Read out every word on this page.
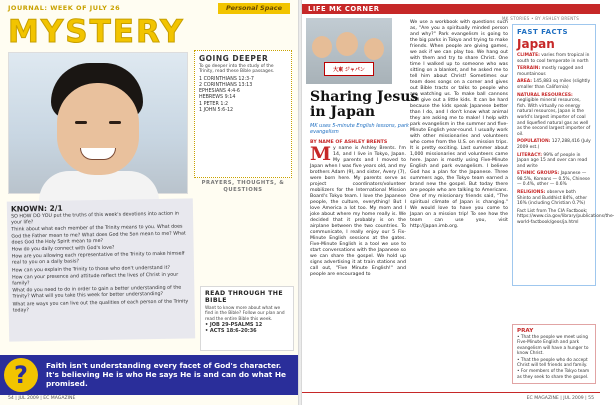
JOURNAL: WEEK OF JULY 26	Personal Space
MYSTERY
GOING DEEPER
To go deeper into the study of the Trinity, read these Bible passages.
1 CORINTHIANS 12:3-7
2 CORINTHIANS 13:13
EPHESIANS 4:4-6
HEBREWS 9:14
1 PETER 1:2
1 JOHN 5:6-12
PRAYERS, THOUGHTS, & QUESTIONS
KNOWN: 2/1
SO HOW DO YOU put the truths of this week's devotions into action in your life?
Think about what each member of the Trinity means to you. What does God the Father mean to me? What does God the Son mean to me? What does God the Holy Spirit mean to me?
How do you daily connect with God's love?
How are you allowing each representative of the Trinity to make himself real to you on a daily basis?
How can you explain the Trinity to those who don't understand it?
How can your presence and attitude reflect the lives of Christ in your family?
What do you need to do in order to gain a better understanding of the Trinity? What will you take this week for better understanding?
What are ways you can live out the qualities of each person of the Trinity today?
READ THROUGH THE BIBLE
Want to know more about what we find in the Bible? Follow our plan and read the entire Bible this week.
• JOB 29-PSALMS 12
• ACTS 18:6-20:36
?	Faith isn't understanding every facet of God's character. It's believing He is who He says He is and can do what He promised.
54 | JUL 2009 | EC MAGAZINE
LIFE MK CORNER
MK STORIES • BY ASHLEY BRENTS
大東 ジャパン
Sharing Jesus in Japan
MK uses 5-minute English lessons, park evangelism
BY NAME OF ASHLEY BRENTS
M y name is Ashley Brents. I'm 14, and I live in Tokyo, Japan. My parents and I moved to Japan when I was five years old, and my brothers Adam (9), and sister, Avery (7), were born here. My parents serve as project coordinators/volunteer mobilizers for the International Mission Board's Tokyo team. I love the Japanese people, the culture, everything! But I love America a lot too. My mom and I joke about where my home really is. We decided that it probably is on the airplane between the two countries. To communicate, I really enjoy our 5 Fix-Minute English sessions at the gates. Five-Minute English is a tool we use to start conversations with the Japanese so we can share the gospel. We hold up signs advertising it at train stations and call out, "Five Minute English!" and people are encouraged to
We use a workbook with questions such as, "Are you a spiritually minded person and why?" Park evangelism is going to the big parks in Tokyo and trying to make friends. When people are giving games, we ask if we can play too. We hang out with them and try to share Christ. One time I walked up to someone who was sitting on a blanket, and he asked me to tell him about Christ! Sometimes our team does songs on a corner and gives out Bible tracts or talks to people who are watching us. To make ball cannons and give out a little kids. It can be hard because the kids speak Japanese better than I do, and I don't know what animal they are asking me to make! I help with park evangelism in the summer and five-Minute English year-round. I usually work with other missionaries and volunteers who come from the U.S. on mission trips. It is pretty exciting. Last summer about 1,000 missionaries and volunteers came here. Japan is mostly using Five-Minute English and park evangelism. I believe God has a plan for the Japanese. Three summers ago, the Tokyo team earned a brand new the gospel. But today there are people who are talking to Americans. One of my missionary friends said, "The spiritual climate of Japan is changing." We would love to have you come to Japan on a mission trip! To see how the team can use you, visit http://japan.imb.org.
FAST FACTS
Japan
CLIMATE: varies from tropical in south to cool temperate in north
TERRAIN: mostly rugged and mountainous
AREA: 145,883 sq miles (slightly smaller than California)
NATURAL RESOURCES: negligible mineral resources, fish. With virtually no energy natural resources, Japan is the world's largest importer of coal and liquefied natural gas as well as the second largest importer of oil.
POPULATION: 127,288,416 (July 2009 est.)
LITERACY: 99% of people in Japan age 15 and over can read and write
ETHNIC GROUPS: Japanese — 98.5%, Koreans — 0.5%, Chinese — 0.4%, other — 0.6%
RELIGIONS: observe both Shinto and Buddhist 84%, other 16% (including Christian 0.7%)
Fact List from The CIA Factbook; https://www.cia.gov/library/publications/the-world-factbook/geos/ja.html
PRAY
• That the people we meet using Five-Minute English and park evangelism will have a hunger to know Christ.
• That the people who do accept Christ will tell friends and family.
• For members of the Tokyo team as they seek to share the gospel.
EC MAGAZINE | JUL 2009 | 55
